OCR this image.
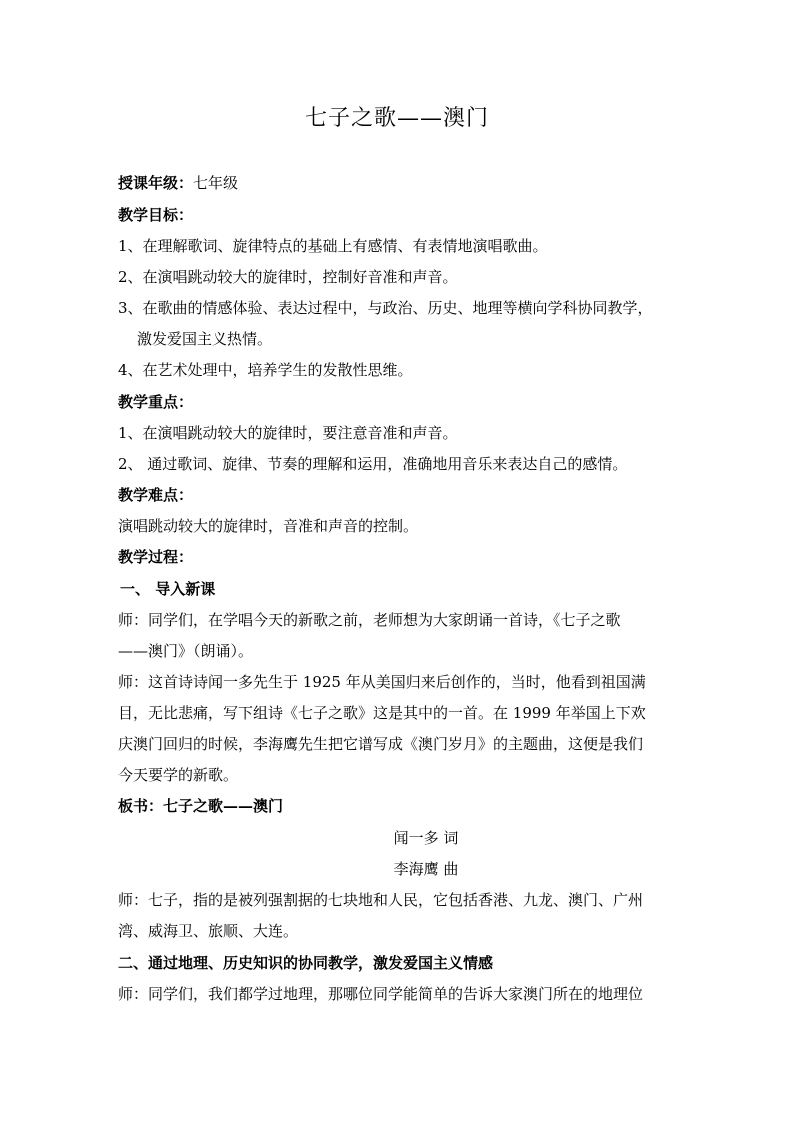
七子之歌——澳门
授课年级：七年级
教学目标：
1、在理解歌词、旋律特点的基础上有感情、有表情地演唱歌曲。
2、在演唱跳动较大的旋律时，控制好音准和声音。
3、在歌曲的情感体验、表达过程中，与政治、历史、地理等横向学科协同教学，
激发爱国主义热情。
4、在艺术处理中，培养学生的发散性思维。
教学重点：
1、在演唱跳动较大的旋律时，要注意音准和声音。
2、 通过歌词、旋律、节奏的理解和运用，准确地用音乐来表达自己的感情。
教学难点：
演唱跳动较大的旋律时，音准和声音的控制。
教学过程：
一、 导入新课
师：同学们，在学唱今天的新歌之前，老师想为大家朗诵一首诗，《七子之歌
——澳门》（朗诵）。
师：这首诗诗闻一多先生于 1925 年从美国归来后创作的，当时，他看到祖国满
目，无比悲痛，写下组诗《七子之歌》这是其中的一首。在 1999 年举国上下欢
庆澳门回归的时候，李海鹰先生把它谱写成《澳门岁月》的主题曲，这便是我们
今天要学的新歌。
板书：七子之歌——澳门
闻一多 词
李海鹰 曲
师：七子，指的是被列强割据的七块地和人民，它包括香港、九龙、澳门、广州
湾、威海卫、旅顺、大连。
二、通过地理、历史知识的协同教学，激发爱国主义情感
师：同学们，我们都学过地理，那哪位同学能简单的告诉大家澳门所在的地理位
